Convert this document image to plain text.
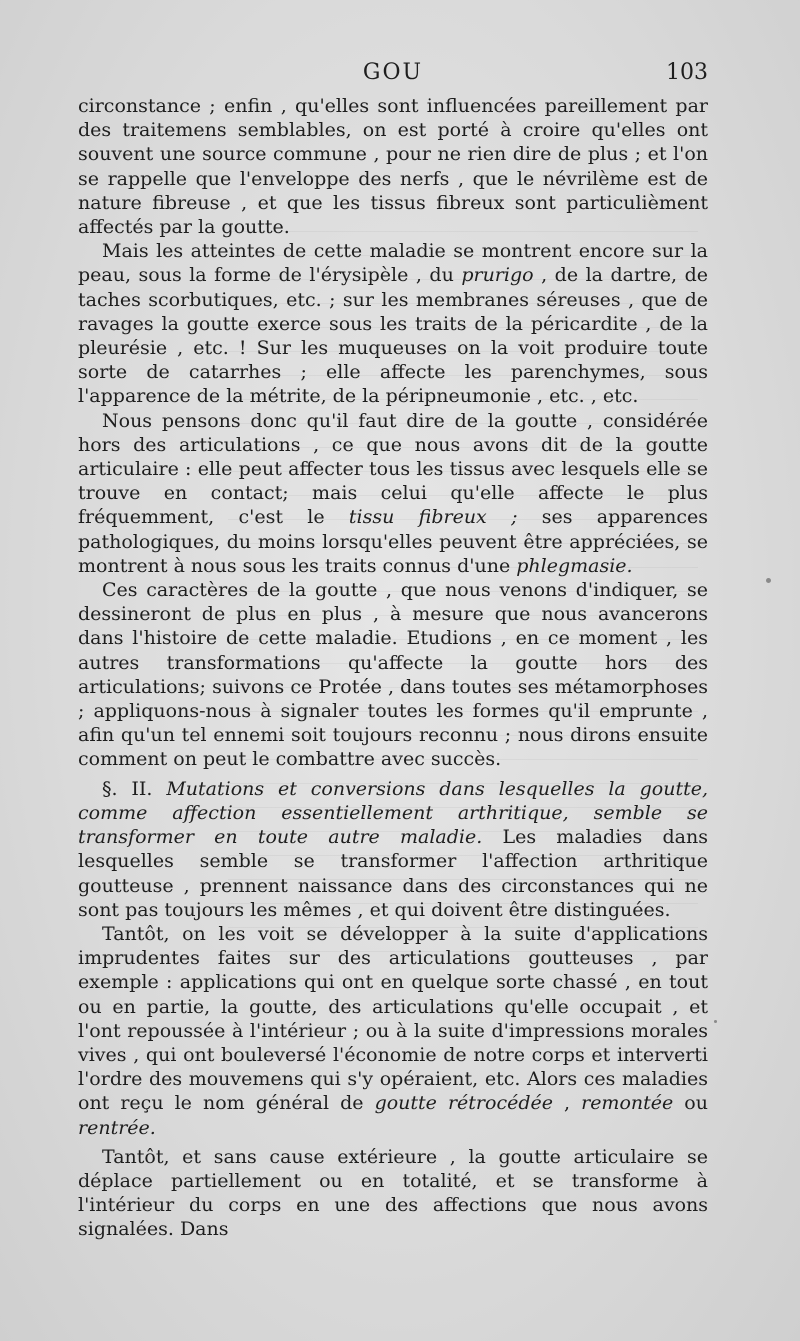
GOU	103

circonstance ; enfin , qu'elles sont influencées pareillement par des traitemens semblables, on est porté à croire qu'elles ont souvent une source commune , pour ne rien dire de plus ; et l'on se rappelle que l'enveloppe des nerfs , que le névrilème est de nature fibreuse , et que les tissus fibreux sont particulièment affectés par la goutte.

Mais les atteintes de cette maladie se montrent encore sur la peau, sous la forme de l'érysipèle , du prurigo , de la dartre, de taches scorbutiques, etc. ; sur les membranes séreuses , que de ravages la goutte exerce sous les traits de la péricardite , de la pleurésie , etc. ! Sur les muqueuses on la voit produire toute sorte de catarrhes ; elle affecte les parenchymes, sous l'apparence de la métrite, de la péripneumonie , etc. , etc.

Nous pensons donc qu'il faut dire de la goutte , considérée hors des articulations , ce que nous avons dit de la goutte articulaire : elle peut affecter tous les tissus avec lesquels elle se trouve en contact; mais celui qu'elle affecte le plus fréquemment, c'est le tissu fibreux ; ses apparences pathologiques, du moins lorsqu'elles peuvent être appréciées, se montrent à nous sous les traits connus d'une phlegmasie.

Ces caractères de la goutte , que nous venons d'indiquer, se dessineront de plus en plus , à mesure que nous avancerons dans l'histoire de cette maladie. Etudions , en ce moment , les autres transformations qu'affecte la goutte hors des articulations; suivons ce Protée , dans toutes ses métamorphoses ; appliquons-nous à signaler toutes les formes qu'il emprunte , afin qu'un tel ennemi soit toujours reconnu ; nous dirons ensuite comment on peut le combattre avec succès.

§. II. Mutations et conversions dans lesquelles la goutte, comme affection essentiellement arthritique, semble se transformer en toute autre maladie. Les maladies dans lesquelles semble se transformer l'affection arthritique goutteuse , prennent naissance dans des circonstances qui ne sont pas toujours les mêmes , et qui doivent être distinguées.

Tantôt, on les voit se développer à la suite d'applications imprudentes faites sur des articulations goutteuses , par exemple : applications qui ont en quelque sorte chassé , en tout ou en partie, la goutte, des articulations qu'elle occupait , et l'ont repoussée à l'intérieur ; ou à la suite d'impressions morales vives , qui ont bouleversé l'économie de notre corps et interverti l'ordre des mouvemens qui s'y opéraient, etc. Alors ces maladies ont reçu le nom général de goutte rétrocédée , remontée ou rentrée.

Tantôt, et sans cause extérieure , la goutte articulaire se déplace partiellement ou en totalité, et se transforme à l'intérieur du corps en une des affections que nous avons signalées. Dans
